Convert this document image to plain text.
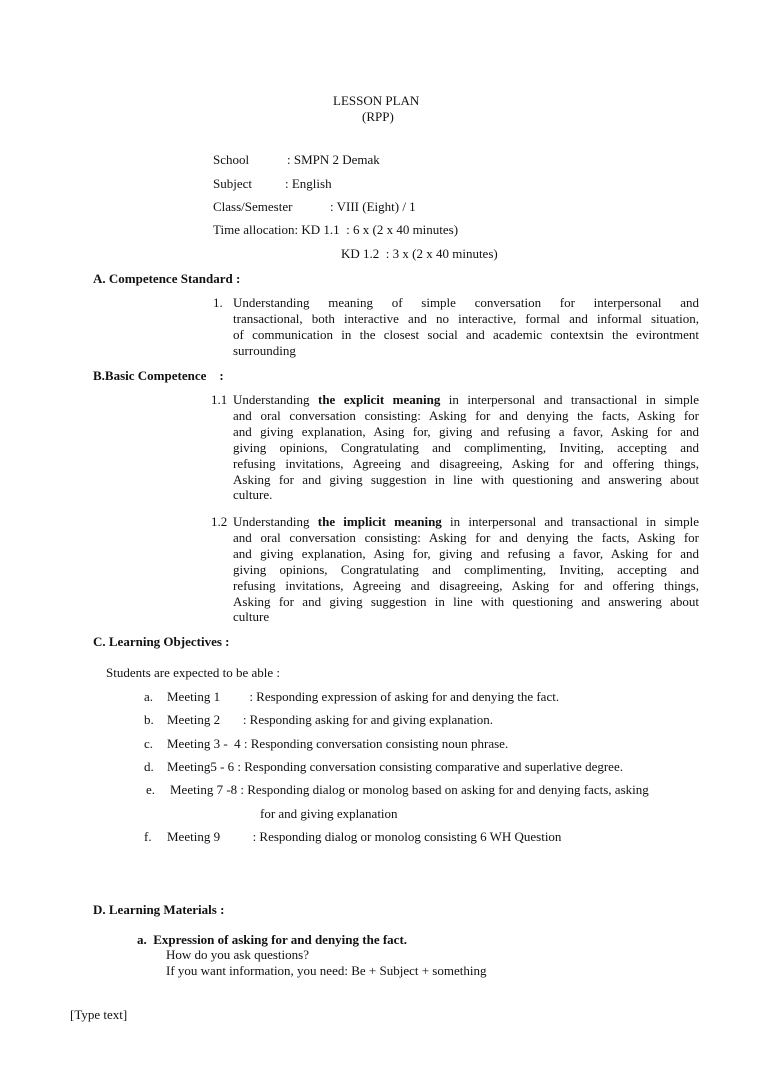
LESSON PLAN
(RPP)
School	: SMPN 2 Demak
Subject	: English
Class/Semester	: VIII (Eight) / 1
Time allocation: KD 1.1  : 6 x (2 x 40 minutes)
KD 1.2  : 3 x (2 x 40 minutes)
A. Competence Standard :
1. Understanding meaning of simple conversation for interpersonal and
transactional, both interactive and no interactive, formal and informal situation,
of communication in the closest social and academic contextsin the evirontment
surrounding
B.Basic Competence    :
1.1 Understanding the explicit meaning in interpersonal and transactional in simple
and oral conversation consisting: Asking for and denying the facts, Asking for
and giving explanation, Asing for, giving and refusing a favor, Asking for and
giving opinions, Congratulating and complimenting, Inviting, accepting and
refusing invitations, Agreeing and disagreeing, Asking for and offering things,
Asking for and giving suggestion in line with questioning and answering about
culture.
1.2 Understanding the implicit meaning in interpersonal and transactional in simple
and oral conversation consisting: Asking for and denying the facts, Asking for
and giving explanation, Asing for, giving and refusing a favor, Asking for and
giving opinions, Congratulating and complimenting, Inviting, accepting and
refusing invitations, Agreeing and disagreeing, Asking for and offering things,
Asking for and giving suggestion in line with questioning and answering about
culture
C. Learning Objectives :
Students are expected to be able :
a. Meeting 1         : Responding expression of asking for and denying the fact.
b. Meeting 2       : Responding asking for and giving explanation.
c. Meeting 3 -  4 : Responding conversation consisting noun phrase.
d. Meeting5 - 6 : Responding conversation consisting comparative and superlative degree.
e. Meeting 7 -8 : Responding dialog or monolog based on asking for and denying facts, asking
for and giving explanation
f. Meeting 9          : Responding dialog or monolog consisting 6 WH Question
D. Learning Materials :
a.  Expression of asking for and denying the fact.
How do you ask questions?
If you want information, you need: Be + Subject + something
[Type text]
